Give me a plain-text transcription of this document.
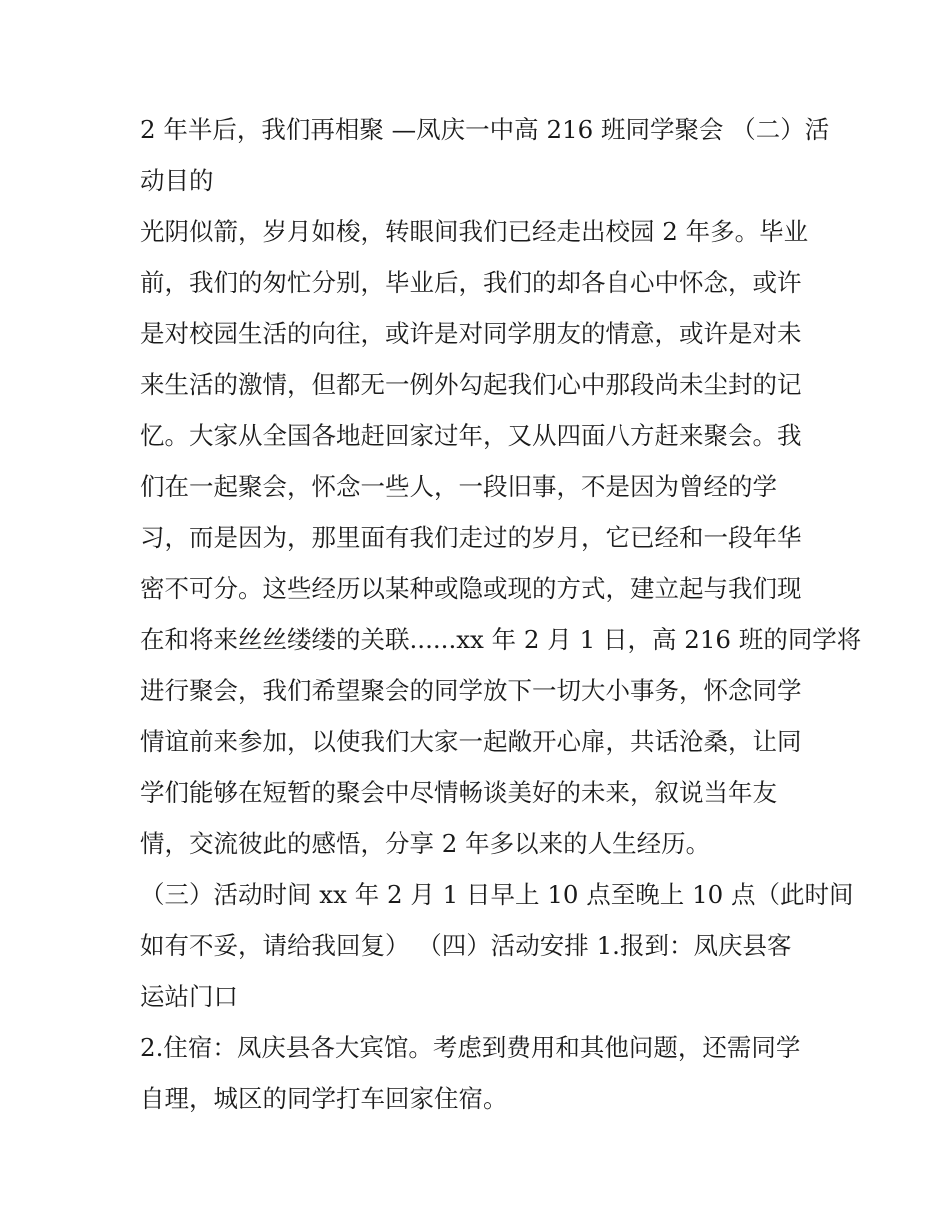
2 年半后，我们再相聚 —凤庆一中高 216 班同学聚会 （二）活
动目的

光阴似箭，岁月如梭，转眼间我们已经走出校园 2 年多。毕业
前，我们的匆忙分别，毕业后，我们的却各自心中怀念，或许
是对校园生活的向往，或许是对同学朋友的情意，或许是对未
来生活的激情，但都无一例外勾起我们心中那段尚未尘封的记
忆。大家从全国各地赶回家过年，又从四面八方赶来聚会。我
们在一起聚会，怀念一些人，一段旧事，不是因为曾经的学
习，而是因为，那里面有我们走过的岁月，它已经和一段年华
密不可分。这些经历以某种或隐或现的方式，建立起与我们现
在和将来丝丝缕缕的关联......xx 年 2 月 1 日，高 216 班的同学将
进行聚会，我们希望聚会的同学放下一切大小事务，怀念同学
情谊前来参加，以使我们大家一起敞开心扉，共话沧桑，让同
学们能够在短暂的聚会中尽情畅谈美好的未来，叙说当年友
情，交流彼此的感悟，分享 2 年多以来的人生经历。

（三）活动时间 xx 年 2 月 1 日早上 10 点至晚上 10 点（此时间
如有不妥，请给我回复） （四）活动安排 1.报到：凤庆县客
运站门口

2.住宿：凤庆县各大宾馆。考虑到费用和其他问题，还需同学
自理，城区的同学打车回家住宿。
